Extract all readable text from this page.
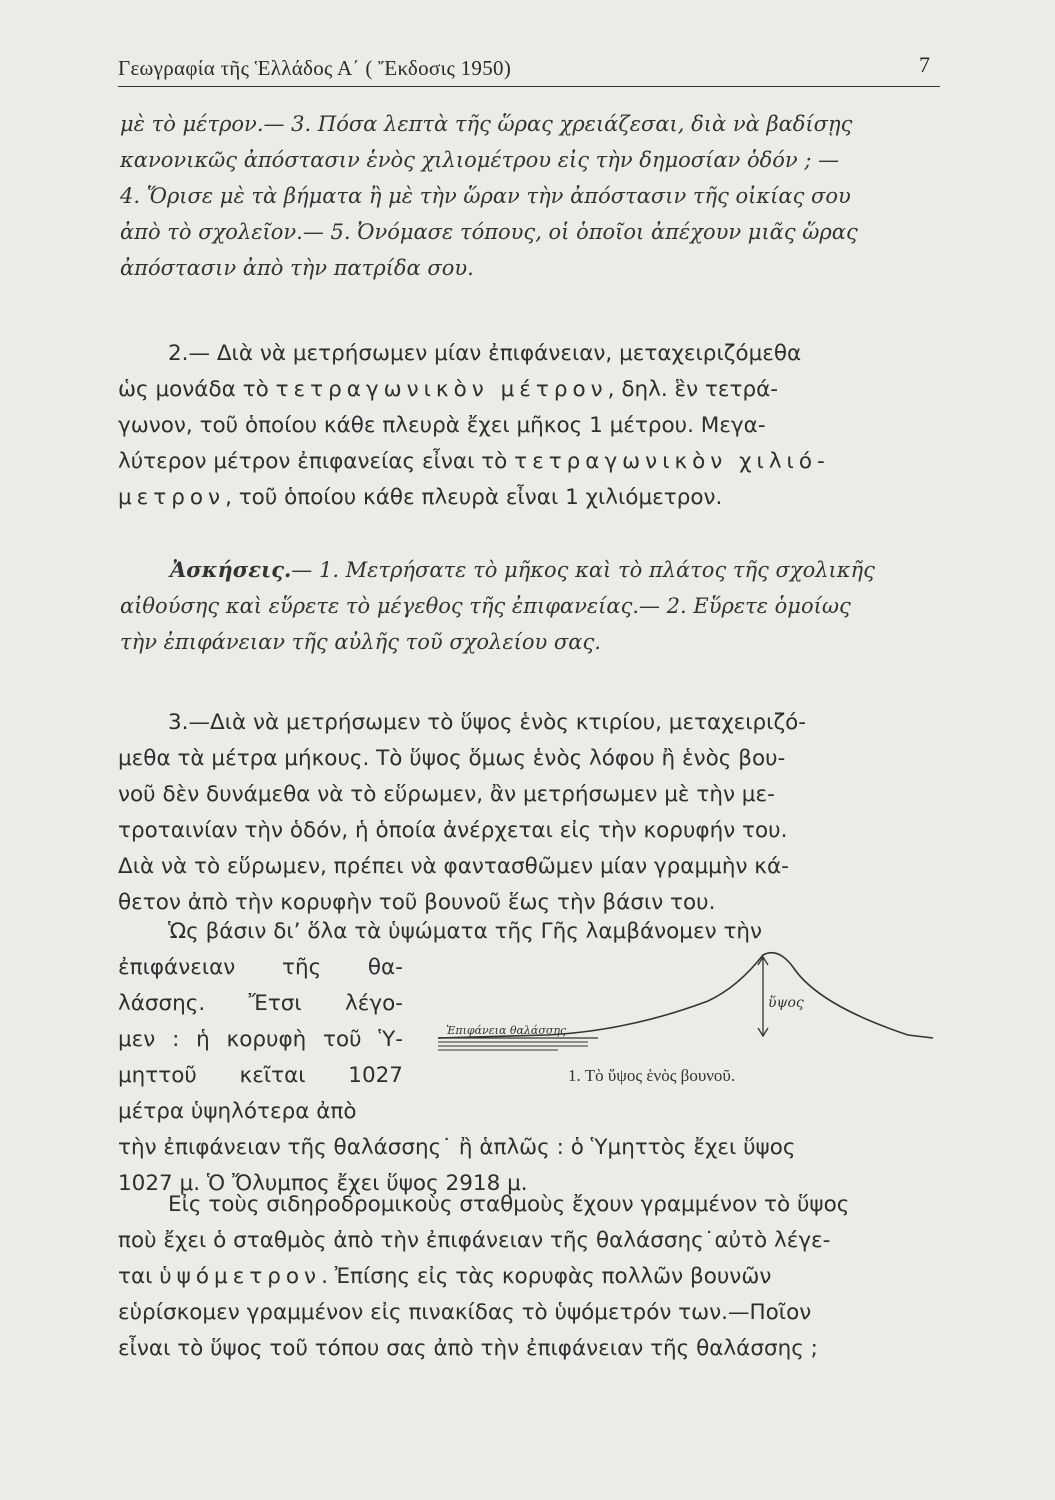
Γεωγραφία τῆς Ἑλλάδος Α΄ ( Ἔκδοσις 1950)	7
μὲ τὸ μέτρον.— 3. Πόσα λεπτὰ τῆς ὥρας χρειάζεσαι, διὰ νὰ βαδίσῃς
κανονικῶς ἀπόστασιν ἑνὸς χιλιομέτρου εἰς τὴν δημοσίαν ὁδόν ; —
4. Ὅρισε μὲ τὰ βήματα ἢ μὲ τὴν ὥραν τὴν ἀπόστασιν τῆς οἰκίας σου
ἀπὸ τὸ σχολεῖον.— 5. Ὀνόμασε τόπους, οἱ ὁποῖοι ἀπέχουν μιᾶς ὥρας
ἀπόστασιν ἀπὸ τὴν πατρίδα σου.
2.— Διὰ νὰ μετρήσωμεν μίαν ἐπιφάνειαν, μεταχειριζόμεθα
ὡς μονάδα τὸ τετραγωνικὸν μέτρον, δηλ. ἓν τετρά-
γωνον, τοῦ ὁποίου κάθε πλευρὰ ἔχει μῆκος 1 μέτρου. Μεγα-
λύτερον μέτρον ἐπιφανείας εἶναι τὸ τετραγωνικὸν χιλιό-
μετρον, τοῦ ὁποίου κάθε πλευρὰ εἶναι 1 χιλιόμετρον.
Ἀσκήσεις.— 1. Μετρήσατε τὸ μῆκος καὶ τὸ πλάτος τῆς σχολικῆς
αἰθούσης καὶ εὕρετε τὸ μέγεθος τῆς ἐπιφανείας.— 2. Εὕρετε ὁμοίως
τὴν ἐπιφάνειαν τῆς αὐλῆς τοῦ σχολείου σας.
3.—Διὰ νὰ μετρήσωμεν τὸ ὕψος ἑνὸς κτιρίου, μεταχειριζό-
μεθα τὰ μέτρα μήκους. Τὸ ὕψος ὅμως ἑνὸς λόφου ἢ ἑνὸς βου-
νοῦ δὲν δυνάμεθα νὰ τὸ εὕρωμεν, ἂν μετρήσωμεν μὲ τὴν με-
τροταινίαν τὴν ὁδόν, ἡ ὁποία ἀνέρχεται εἰς τὴν κορυφήν του.
Διὰ νὰ τὸ εὕρωμεν, πρέπει νὰ φαντασθῶμεν μίαν γραμμὴν κά-
θετον ἀπὸ τὴν κορυφὴν τοῦ βουνοῦ ἕως τὴν βάσιν του.
Ὡς βάσιν δι’ ὅλα τὰ ὑψώματα τῆς Γῆς λαμβάνομεν τὴν
ἐπιφάνειαν τῆς θα-
λάσσης. Ἔτσι λέγο-
μεν : ἡ κορυφὴ τοῦ Ὑ-
μηττοῦ κεῖται 1027
μέτρα ὑψηλότερα ἀπὸ
τὴν ἐπιφάνειαν τῆς θαλάσσης˙ ἢ ἁπλῶς : ὁ Ὑμηττὸς ἔχει ὕψος
1027 μ. Ὁ Ὄλυμπος ἔχει ὕψος 2918 μ.
Ἐπιφάνεια θαλάσσης
ὕψος
1. Τὸ ὕψος ἑνὸς βουνοῦ.
Εἰς τοὺς σιδηροδρομικοὺς σταθμοὺς ἔχουν γραμμένον τὸ ὕψος
ποὺ ἔχει ὁ σταθμὸς ἀπὸ τὴν ἐπιφάνειαν τῆς θαλάσσης˙αὐτὸ λέγε-
ται ὑψόμετρον. Ἐπίσης εἰς τὰς κορυφὰς πολλῶν βουνῶν
εὑρίσκομεν γραμμένον εἰς πινακίδας τὸ ὑψόμετρόν των.—Ποῖον
εἶναι τὸ ὕψος τοῦ τόπου σας ἀπὸ τὴν ἐπιφάνειαν τῆς θαλάσσης ;
